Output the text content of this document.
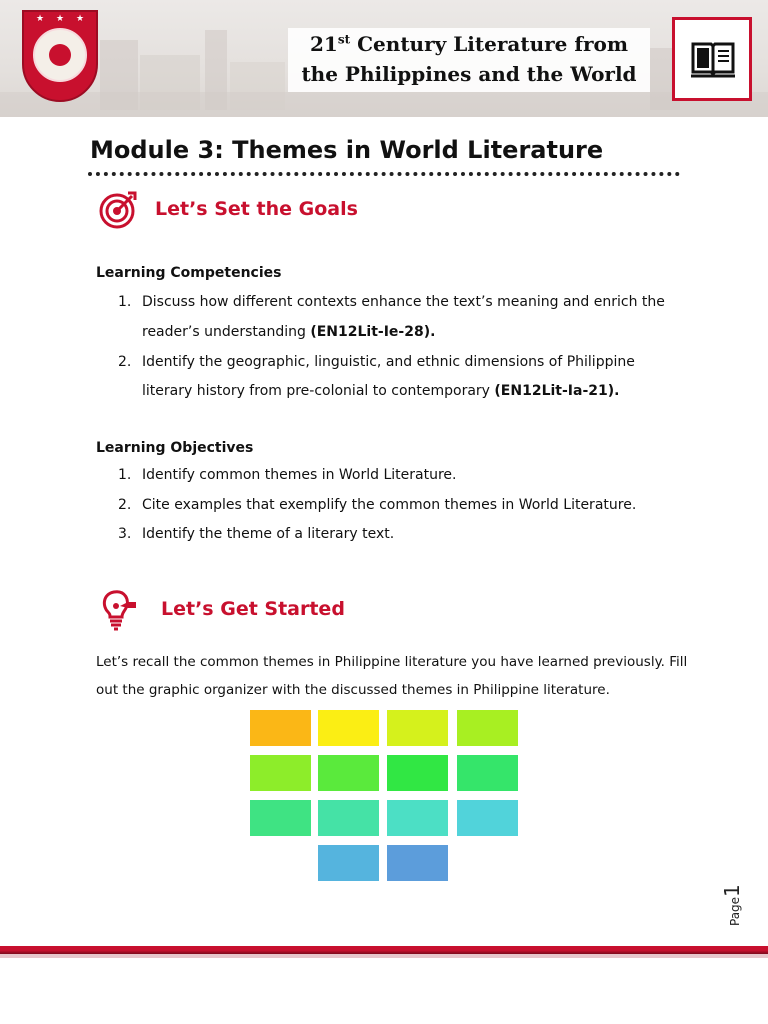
★ ★ ★
21st Century Literature from
the Philippines and the World
Module 3: Themes in World Literature
Let’s Set the Goals
Learning Competencies
1. Discuss how different contexts enhance the text’s meaning and enrich the
reader’s understanding (EN12Lit-Ie-28).
2. Identify the geographic, linguistic, and ethnic dimensions of Philippine
literary history from pre-colonial to contemporary (EN12Lit-Ia-21).
Learning Objectives
1. Identify common themes in World Literature.
2. Cite examples that exemplify the common themes in World Literature.
3. Identify the theme of a literary text.
Let’s Get Started
Let’s recall the common themes in Philippine literature you have learned previously. Fill
out the graphic organizer with the discussed themes in Philippine literature.
Page1
